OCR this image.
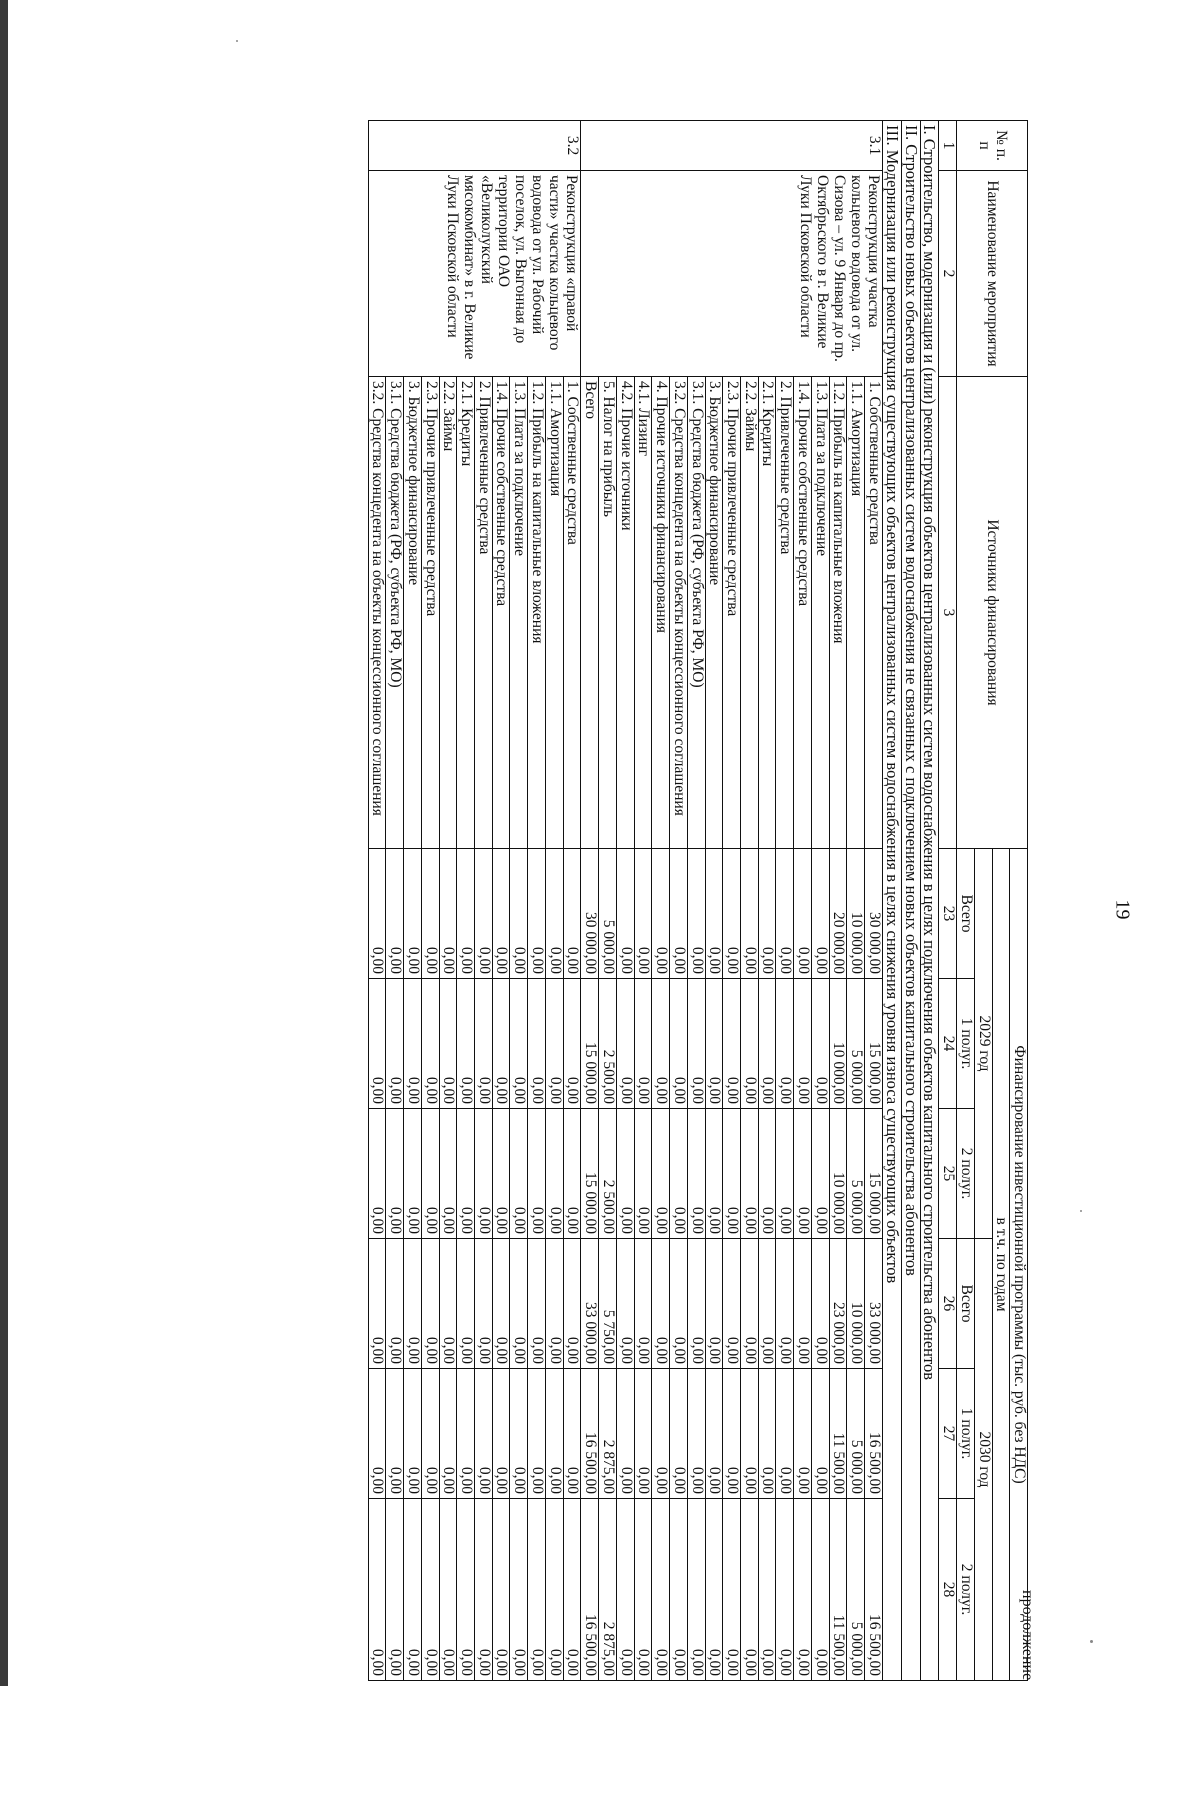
19
продолжение
№ п. п	Наименование мероприятия	Источники финансирования	Финансирование инвестиционной программы (тыс. руб. без НДС)					
			в т.ч. по годам					
			2029 год			2030 год		
			Всего	1 полуг.	2 полуг.	Всего	1 полуг.	2 полуг.
1	2	3	23	24	25	26	27	28
I. Строительство, модернизация и (или) реконструкция объектов централизованных систем водоснабжения в целях подключения объектов капитального строительства абонентов								
II. Строительство новых объектов централизованных систем водоснабжения не связанных с подключением новых объектов капитального строительства абонентов								
III. Модернизация или реконструкция существующих объектов централизованных систем водоснабжения в целях снижения уровня износа существующих объектов								
3.1	Реконструкция участка кольцевого водовода от ул. Сизова – ул. 9 Января до пр. Октябрьского в г. Великие Луки Псковской области	1. Собственные средства	30 000,00	15 000,00	15 000,00	33 000,00	16 500,00	16 500,00
		1.1. Амортизация	10 000,00	5 000,00	5 000,00	10 000,00	5 000,00	5 000,00
		1.2. Прибыль на капитальные вложения	20 000,00	10 000,00	10 000,00	23 000,00	11 500,00	11 500,00
		1.3. Плата за подключение	0,00	0,00	0,00	0,00	0,00	0,00
		1.4. Прочие собственные средства	0,00	0,00	0,00	0,00	0,00	0,00
		2. Привлеченные средства	0,00	0,00	0,00	0,00	0,00	0,00
		2.1. Кредиты	0,00	0,00	0,00	0,00	0,00	0,00
		2.2. Займы	0,00	0,00	0,00	0,00	0,00	0,00
		2.3. Прочие привлеченные средства	0,00	0,00	0,00	0,00	0,00	0,00
		3. Бюджетное финансирование	0,00	0,00	0,00	0,00	0,00	0,00
		3.1. Средства бюджета (РФ, субъекта РФ, МО)	0,00	0,00	0,00	0,00	0,00	0,00
		3.2. Средства концедента на объекты концессионного соглашения	0,00	0,00	0,00	0,00	0,00	0,00
		4. Прочие источники финансирования	0,00	0,00	0,00	0,00	0,00	0,00
		4.1. Лизинг	0,00	0,00	0,00	0,00	0,00	0,00
		4.2. Прочие источники	0,00	0,00	0,00	0,00	0,00	0,00
		5. Налог на прибыль	5 000,00	2 500,00	2 500,00	5 750,00	2 875,00	2 875,00
		Всего	30 000,00	15 000,00	15 000,00	33 000,00	16 500,00	16 500,00
3.2	Реконструкция «правой части» участка кольцевого водовода от ул. Рабочий поселок, ул. Выгонная до территории ОАО «Великолукский мясокомбинат» в г. Великие Луки Псковской области	1. Собственные средства	0,00	0,00	0,00	0,00	0,00	0,00
		1.1. Амортизация	0,00	0,00	0,00	0,00	0,00	0,00
		1.2. Прибыль на капитальные вложения	0,00	0,00	0,00	0,00	0,00	0,00
		1.3. Плата за подключение	0,00	0,00	0,00	0,00	0,00	0,00
		1.4. Прочие собственные средства	0,00	0,00	0,00	0,00	0,00	0,00
		2. Привлеченные средства	0,00	0,00	0,00	0,00	0,00	0,00
		2.1. Кредиты	0,00	0,00	0,00	0,00	0,00	0,00
		2.2. Займы	0,00	0,00	0,00	0,00	0,00	0,00
		2.3. Прочие привлеченные средства	0,00	0,00	0,00	0,00	0,00	0,00
		3. Бюджетное финансирование	0,00	0,00	0,00	0,00	0,00	0,00
		3.1. Средства бюджета (РФ, субъекта РФ, МО)	0,00	0,00	0,00	0,00	0,00	0,00
		3.2. Средства концедента на объекты концессионного соглашения	0,00	0,00	0,00	0,00	0,00	0,00
